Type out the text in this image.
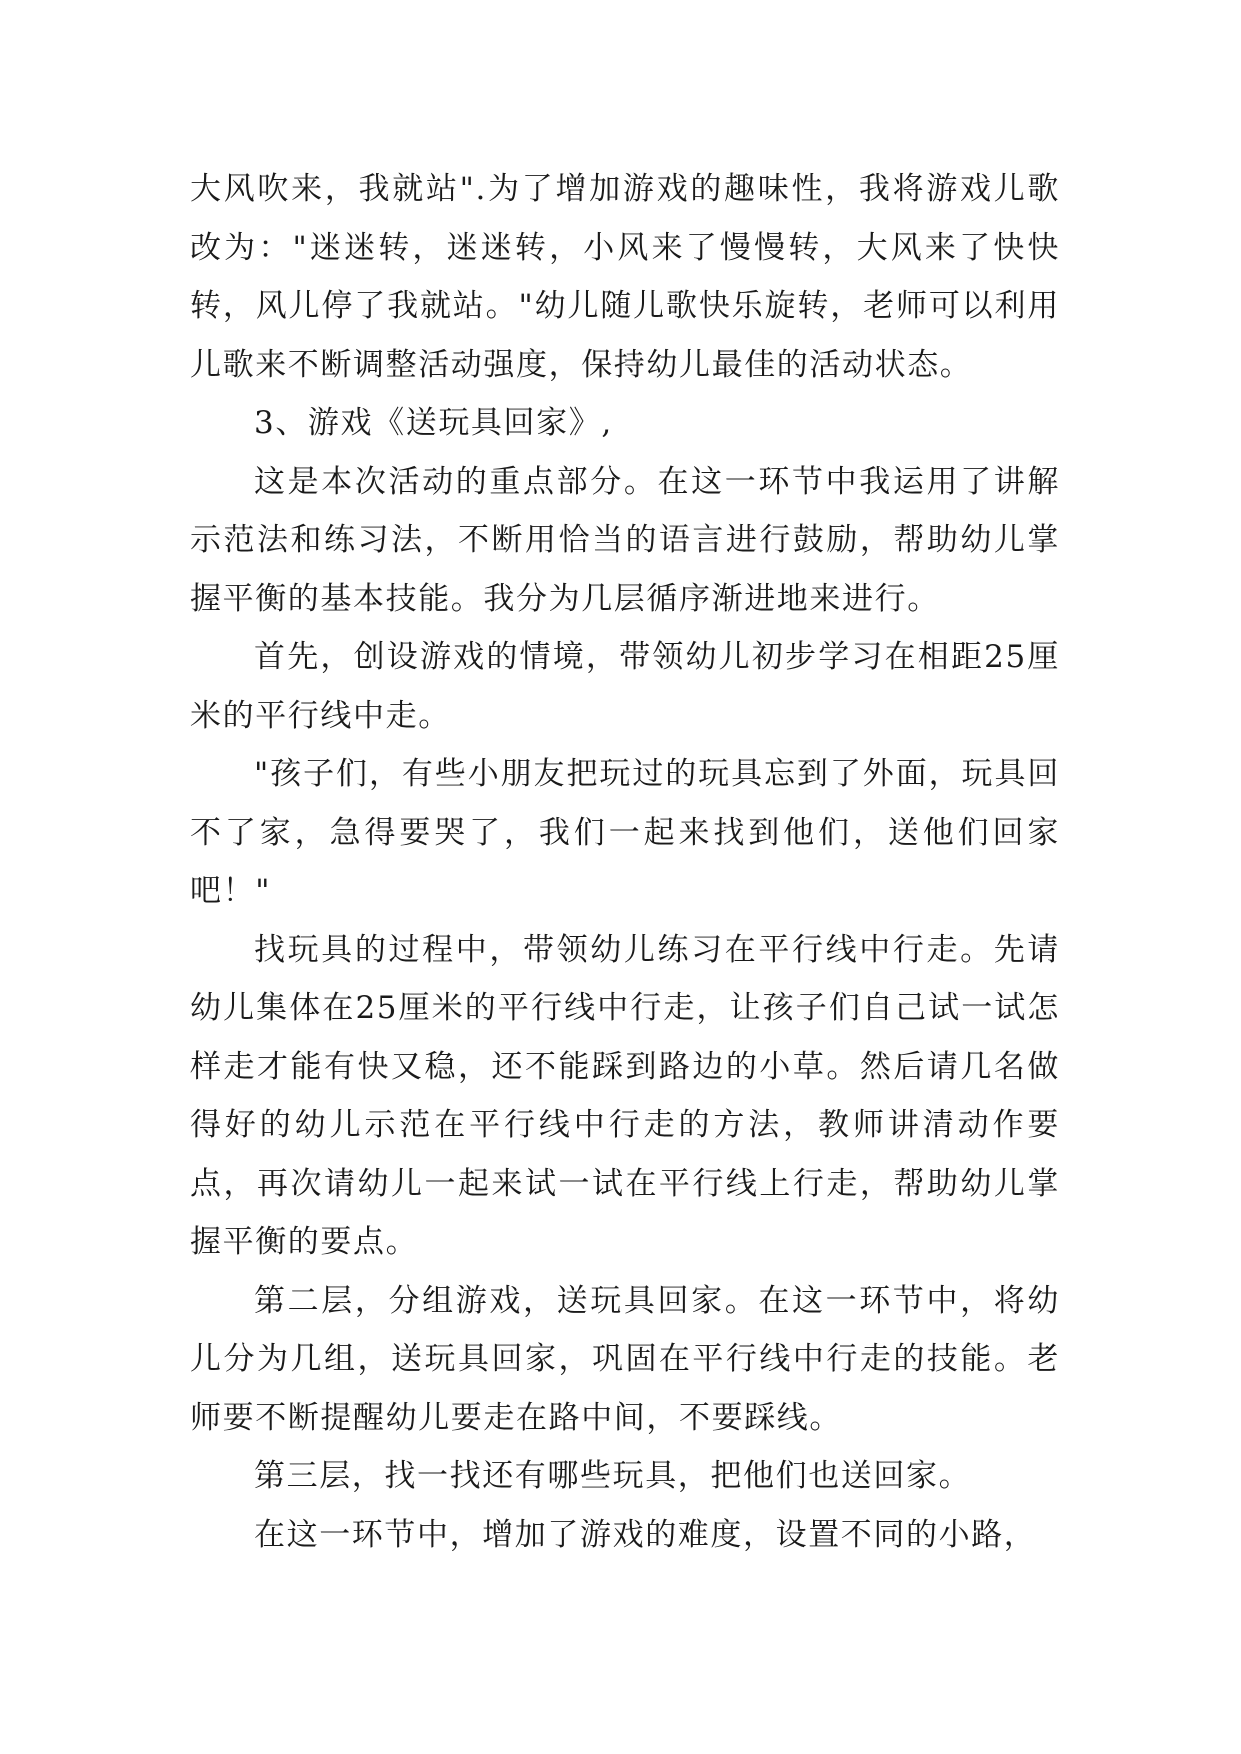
大风吹来，我就站".为了增加游戏的趣味性，我将游戏儿歌改为："迷迷转，迷迷转，小风来了慢慢转，大风来了快快转，风儿停了我就站。"幼儿随儿歌快乐旋转，老师可以利用儿歌来不断调整活动强度，保持幼儿最佳的活动状态。

3、游戏《送玩具回家》,

这是本次活动的重点部分。在这一环节中我运用了讲解示范法和练习法，不断用恰当的语言进行鼓励，帮助幼儿掌握平衡的基本技能。我分为几层循序渐进地来进行。

首先，创设游戏的情境，带领幼儿初步学习在相距25厘米的平行线中走。

"孩子们，有些小朋友把玩过的玩具忘到了外面，玩具回不了家，急得要哭了，我们一起来找到他们，送他们回家吧！"

找玩具的过程中，带领幼儿练习在平行线中行走。先请幼儿集体在25厘米的平行线中行走，让孩子们自己试一试怎样走才能有快又稳，还不能踩到路边的小草。然后请几名做得好的幼儿示范在平行线中行走的方法，教师讲清动作要点，再次请幼儿一起来试一试在平行线上行走，帮助幼儿掌握平衡的要点。

第二层，分组游戏，送玩具回家。在这一环节中，将幼儿分为几组，送玩具回家，巩固在平行线中行走的技能。老师要不断提醒幼儿要走在路中间，不要踩线。

第三层，找一找还有哪些玩具，把他们也送回家。

在这一环节中，增加了游戏的难度，设置不同的小路，
